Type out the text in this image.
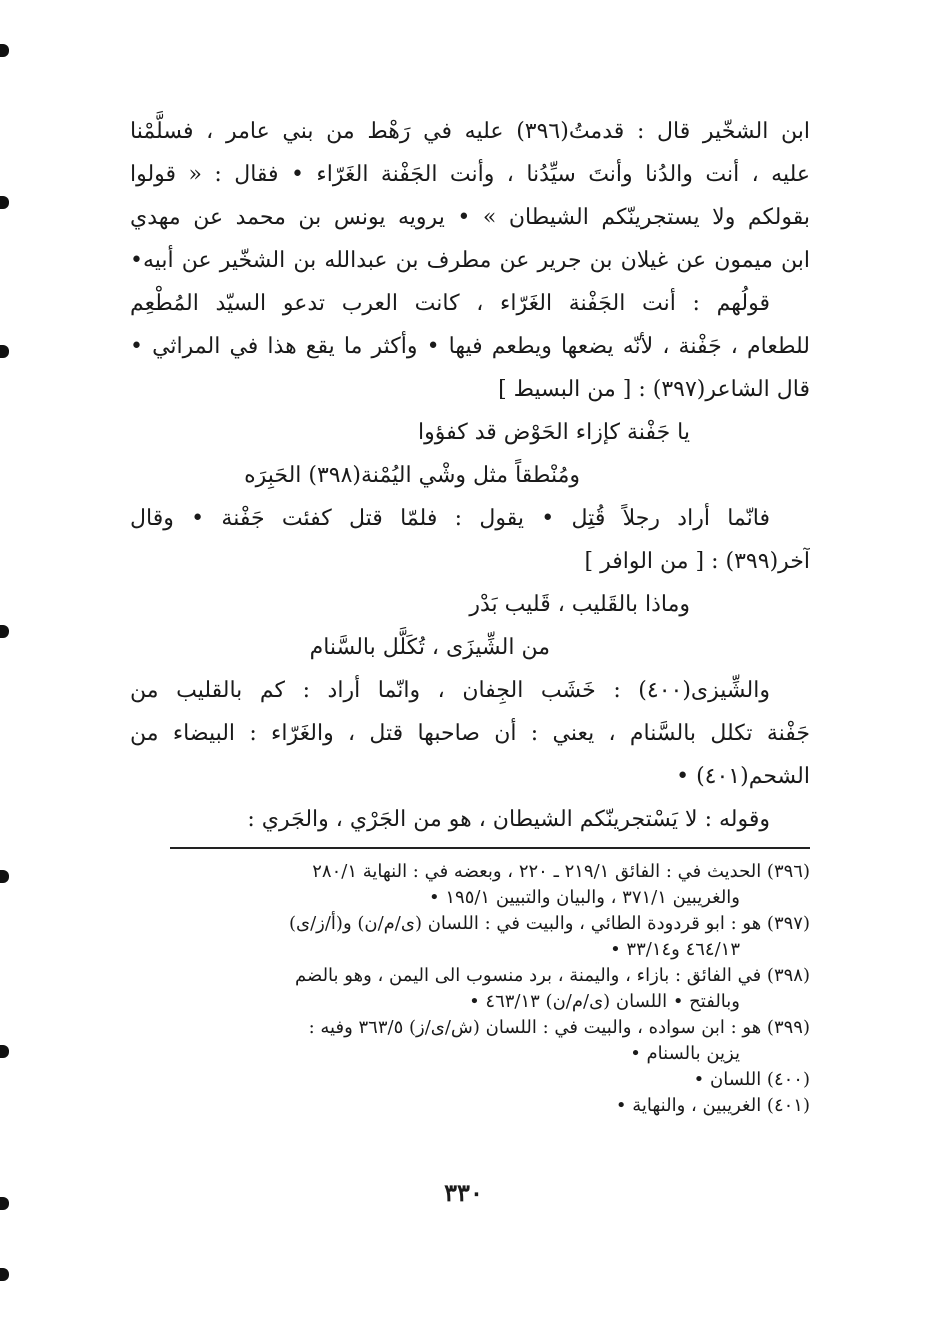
ابن الشخّير قال : قدمتُ(٣٩٦) عليه في رَهْط من بني عامر ، فسلَّمْنا
عليه ، أنت والدُنا وأنتَ سيِّدُنا ، وأنت الجَفْنة الغَرّاء • فقال : « قولوا
بقولكم ولا يستجرينّكم الشيطان » • يرويه يونس بن محمد عن مهدي
ابن ميمون عن غيلان بن جرير عن مطرف بن عبدالله بن الشخّير عن أبيه•
قولُهم : أنت الجَفْنة الغَرّاء ، كانت العرب تدعو السيّد المُطْعِم
للطعام ، جَفْنة ، لأنّه يضعها ويطعم فيها • وأكثر ما يقع هذا في المراثي •
قال الشاعر(٣٩٧) : [ من البسيط ]
يا جَفْنة كإزاء الحَوْض قد كفؤوا
ومُنْطقاً مثل وشْي اليُمْنة(٣٩٨) الحَبِرَه
فانّما أراد رجلاً قُتِل • يقول : فلمّا قتل كفئت جَفْنة • وقال
آخر(٣٩٩) : [ من الوافر ]
وماذا بالقَليب ، قَليب بَدْر
من الشِّيزَى ، تُكَلَّل بالسَّنام
والشِّيزى(٤٠٠) : خَشَب الجِفان ، وانّما أراد : كم بالقليب من
جَفْنة تكلل بالسَّنام ، يعني : أن صاحبها قتل ، والغَرّاء : البيضاء من
الشحم(٤٠١) •
وقوله : لا يَسْتجرينّكم الشيطان ، هو من الجَرْي ، والجَري :
(٣٩٦) الحديث في : الفائق ٢١٩/١ ـ ٢٢٠ ، وبعضه في : النهاية ٢٨٠/١
والغريبين ٣٧١/١ ، والبيان والتبيين ١٩٥/١ •
(٣٩٧) هو : ابو قردودة الطائي ، والبيت في : اللسان (ى/م/ن) و(أ/ز/ى)
٤٦٤/١٣ و٣٣/١٤ •
(٣٩٨) في الفائق : بازاء ، واليمنة ، برد منسوب الى اليمن ، وهو بالضم
وبالفتح • اللسان (ى/م/ن) ٤٦٣/١٣ •
(٣٩٩) هو : ابن سواده ، والبيت في : اللسان (ش/ى/ز) ٣٦٣/٥ وفيه :
يزين بالسنام •
(٤٠٠) اللسان •
(٤٠١) الغريبين ، والنهاية •
٣٣٠
